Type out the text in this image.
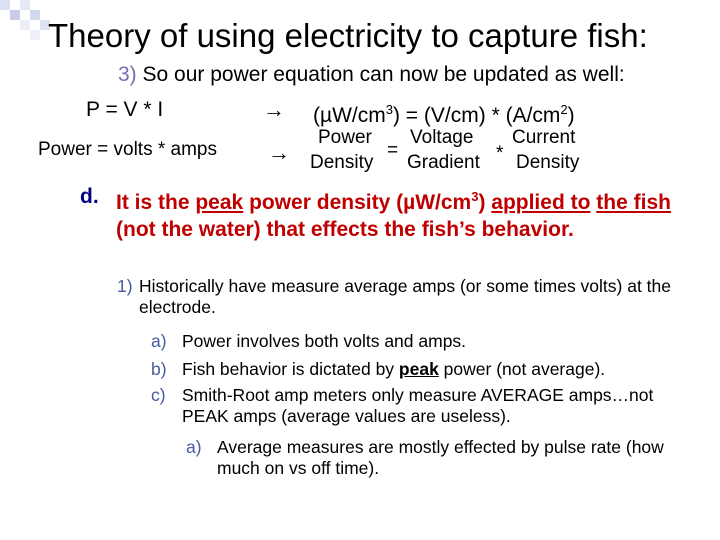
Theory of using electricity to capture fish:
3) So our power equation can now be updated as well:
P = V * I	→ $(\mu W/cm^3) = (V/cm) * (A/cm^2)$
Power = volts * amps →
Power
Density
=
Voltage
Gradient *
Current
Density
d. It is the peak power density $(\mu W/cm^3)$ applied to the fish (not the water) that effects the fish’s behavior.
1) Historically have measure average amps (or some times volts) at the electrode.
a) Power involves both volts and amps.
b) Fish behavior is dictated by peak power (not average).
c) Smith-Root amp meters only measure AVERAGE amps…not PEAK amps (average values are useless).
a) Average measures are mostly effected by pulse rate (how much on vs off time).
